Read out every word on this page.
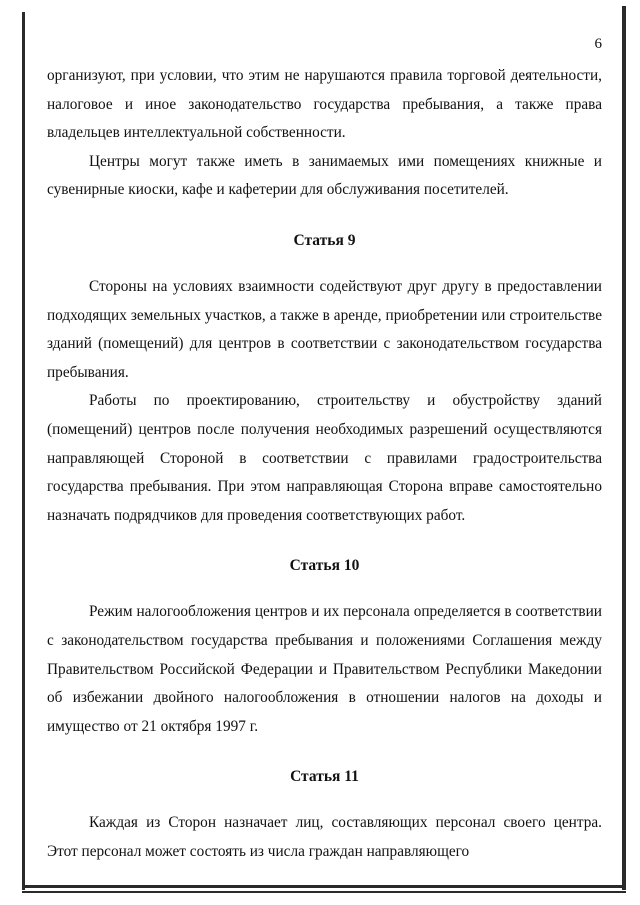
6

организуют, при условии, что этим не нарушаются правила торговой деятельности, налоговое и иное законодательство государства пребывания, а также права владельцев интеллектуальной собственности.

Центры могут также иметь в занимаемых ими помещениях книжные и сувенирные киоски, кафе и кафетерии для обслуживания посетителей.

Статья 9

Стороны на условиях взаимности содействуют друг другу в предоставлении подходящих земельных участков, а также в аренде, приобретении или строительстве зданий (помещений) для центров в соответствии с законодательством государства пребывания.

Работы по проектированию, строительству и обустройству зданий (помещений) центров после получения необходимых разрешений осуществляются направляющей Стороной в соответствии с правилами градостроительства государства пребывания. При этом направляющая Сторона вправе самостоятельно назначать подрядчиков для проведения соответствующих работ.

Статья 10

Режим налогообложения центров и их персонала определяется в соответствии с законодательством государства пребывания и положениями Соглашения между Правительством Российской Федерации и Правительством Республики Македонии об избежании двойного налогообложения в отношении налогов на доходы и имущество от 21 октября 1997 г.

Статья 11

Каждая из Сторон назначает лиц, составляющих персонал своего центра. Этот персонал может состоять из числа граждан направляющего
